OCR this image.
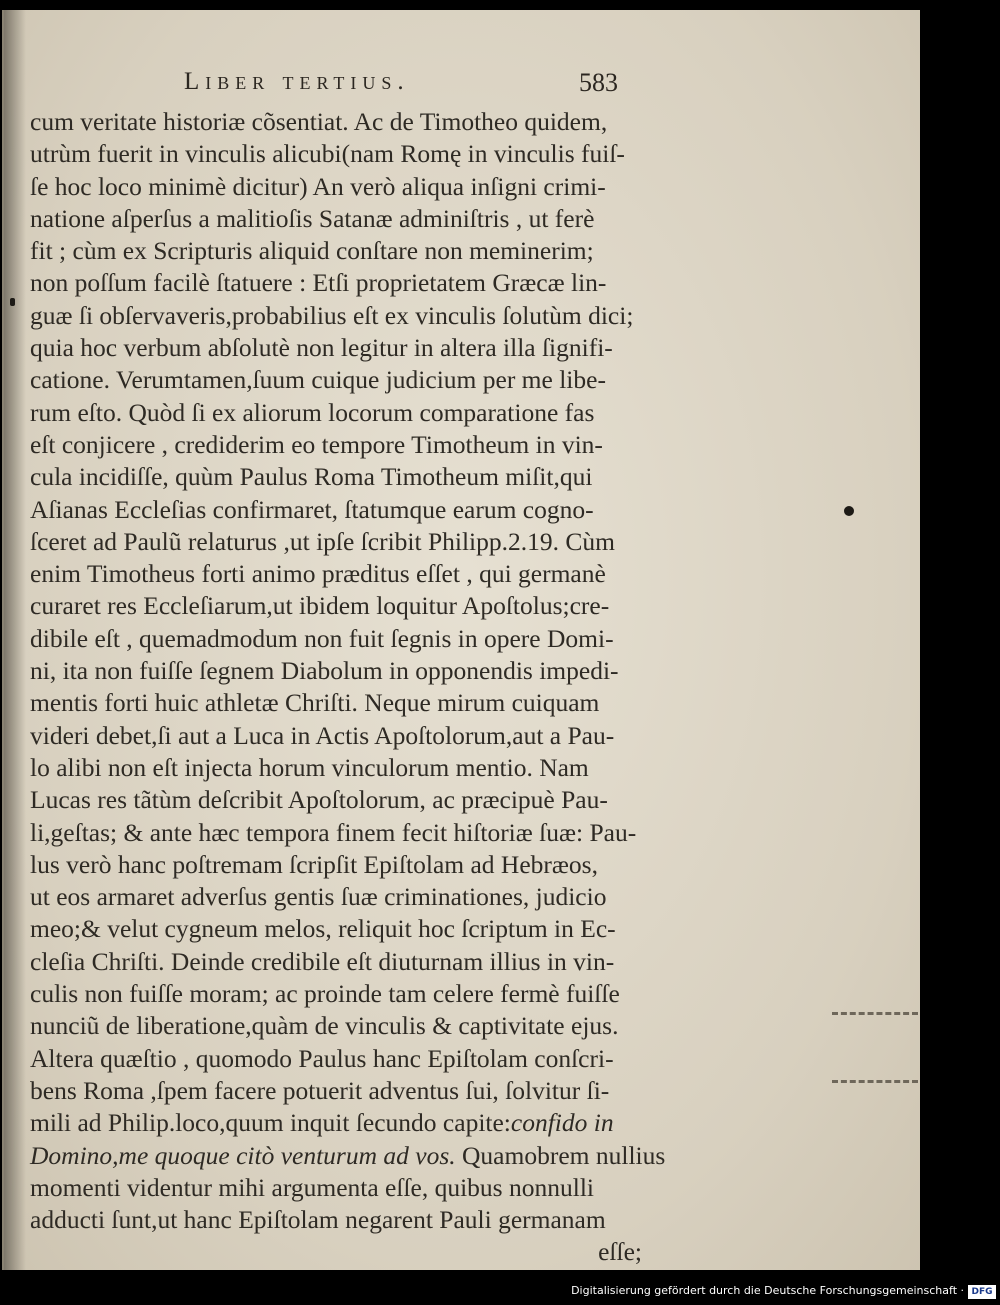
Liber tertius.	583
cum veritate historiæ cõsentiat. Ac de Timotheo quidem,
utrùm fuerit in vinculis alicubi(nam Romę in vinculis fuiſ-
ſe hoc loco minimè dicitur) An verò aliqua inſigni crimi-
natione aſperſus a malitioſis Satanæ adminiſtris , ut ferè
fit ; cùm ex Scripturis aliquid conſtare non meminerim;
non poſſum facilè ſtatuere : Etſi proprietatem Græcæ lin-
guæ ſi obſervaveris,probabilius eſt ex vinculis ſolutùm dici;
quia hoc verbum abſolutè non legitur in altera illa ſignifi-
catione. Verumtamen,ſuum cuique judicium per me libe-
rum eſto. Quòd ſi ex aliorum locorum comparatione fas
eſt conjicere , crediderim eo tempore Timotheum in vin-
cula incidiſſe, quùm Paulus Roma Timotheum miſit,qui
Aſianas Eccleſias confirmaret, ſtatumque earum cogno-
ſceret ad Paulũ relaturus ,ut ipſe ſcribit Philipp.2.19. Cùm
enim Timotheus forti animo præditus eſſet , qui germanè
curaret res Eccleſiarum,ut ibidem loquitur Apoſtolus;cre-
dibile eſt , quemadmodum non fuit ſegnis in opere Domi-
ni, ita non fuiſſe ſegnem Diabolum in opponendis impedi-
mentis forti huic athletæ Chriſti. Neque mirum cuiquam
videri debet,ſi aut a Luca in Actis Apoſtolorum,aut a Pau-
lo alibi non eſt injecta horum vinculorum mentio. Nam
Lucas res tãtùm deſcribit Apoſtolorum, ac præcipuè Pau-
li,geſtas; & ante hæc tempora finem fecit hiſtoriæ ſuæ: Pau-
lus verò hanc poſtremam ſcripſit Epiſtolam ad Hebræos,
ut eos armaret adverſus gentis ſuæ criminationes, judicio
meo;& velut cygneum melos, reliquit hoc ſcriptum in Ec-
cleſia Chriſti. Deinde credibile eſt diuturnam illius in vin-
culis non fuiſſe moram; ac proinde tam celere fermè fuiſſe
nunciũ de liberatione,quàm de vinculis & captivitate ejus.
Altera quæſtio , quomodo Paulus hanc Epiſtolam conſcri-
bens Roma ,ſpem facere potuerit adventus ſui, ſolvitur ſi-
mili ad Philip.loco,quum inquit ſecundo capite:confido in
Domino,me quoque citò venturum ad vos. Quamobrem nullius
momenti videntur mihi argumenta eſſe, quibus nonnulli
adducti ſunt,ut hanc Epiſtolam negarent Pauli germanam
eſſe;
Digitalisierung gefördert durch die Deutsche Forschungsgemeinschaft · DFG
